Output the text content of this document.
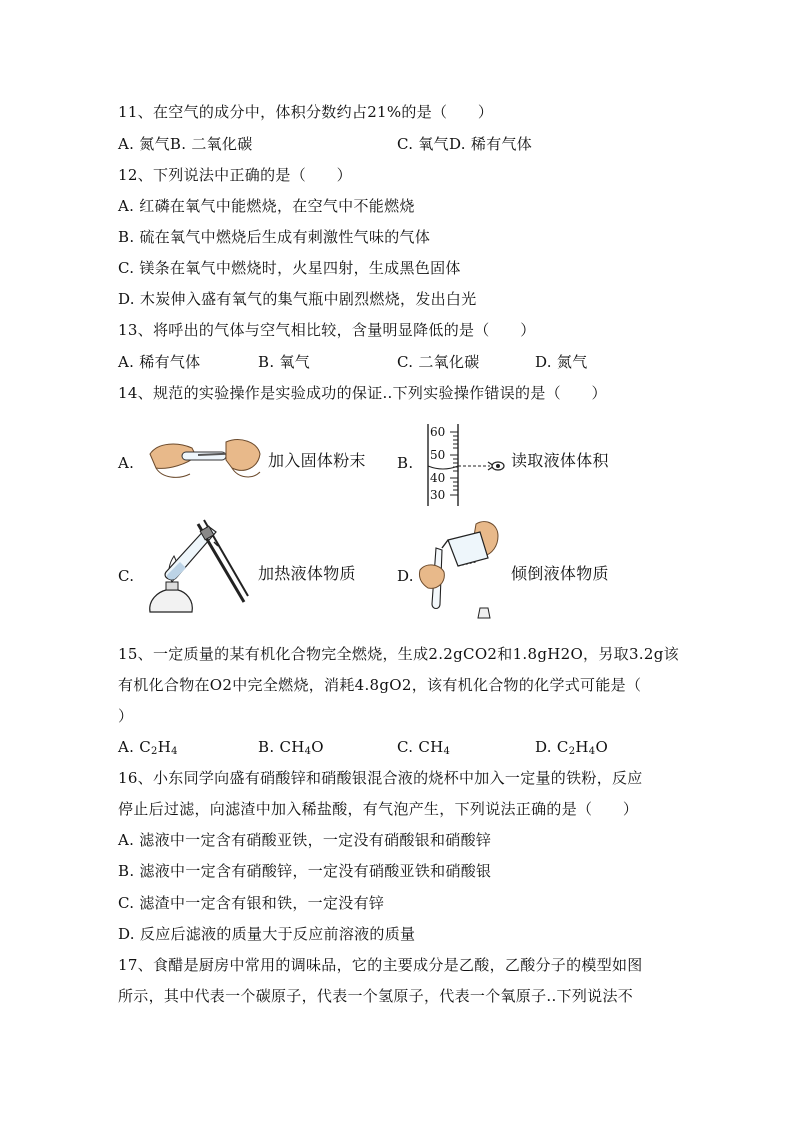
11、在空气的成分中，体积分数约占21%的是（　　）
A. 氮气B. 二氧化碳	C. 氧气D. 稀有气体
12、下列说法中正确的是（　　）
A. 红磷在氧气中能燃烧，在空气中不能燃烧
B. 硫在氧气中燃烧后生成有刺激性气味的气体
C. 镁条在氧气中燃烧时，火星四射，生成黑色固体
D. 木炭伸入盛有氧气的集气瓶中剧烈燃烧，发出白光
13、将呼出的气体与空气相比较，含量明显降低的是（　　）
A. 稀有气体	B. 氧气	C. 二氧化碳	D. 氮气
14、规范的实验操作是实验成功的保证..下列实验操作错误的是（　　）
A.	加入固体粉末 B.
60
50
40
30
读取液体体积
C.	加热液体物质	D.	倾倒液体物质
15、一定质量的某有机化合物完全燃烧，生成2.2gCO2和1.8gH2O，另取3.2g该
有机化合物在O2中完全燃烧，消耗4.8gO2，该有机化合物的化学式可能是（
）
A. $C_2H_4$	B. $CH_4O$	C. $CH_4$	D. $C_2H_4O$
16、小东同学向盛有硝酸锌和硝酸银混合液的烧杯中加入一定量的铁粉，反应
停止后过滤，向滤渣中加入稀盐酸，有气泡产生，下列说法正确的是（　　）
A. 滤液中一定含有硝酸亚铁，一定没有硝酸银和硝酸锌
B. 滤液中一定含有硝酸锌，一定没有硝酸亚铁和硝酸银
C. 滤渣中一定含有银和铁，一定没有锌
D. 反应后滤液的质量大于反应前溶液的质量
17、食醋是厨房中常用的调味品，它的主要成分是乙酸，乙酸分子的模型如图
所示，其中代表一个碳原子，代表一个氢原子，代表一个氧原子..下列说法不
